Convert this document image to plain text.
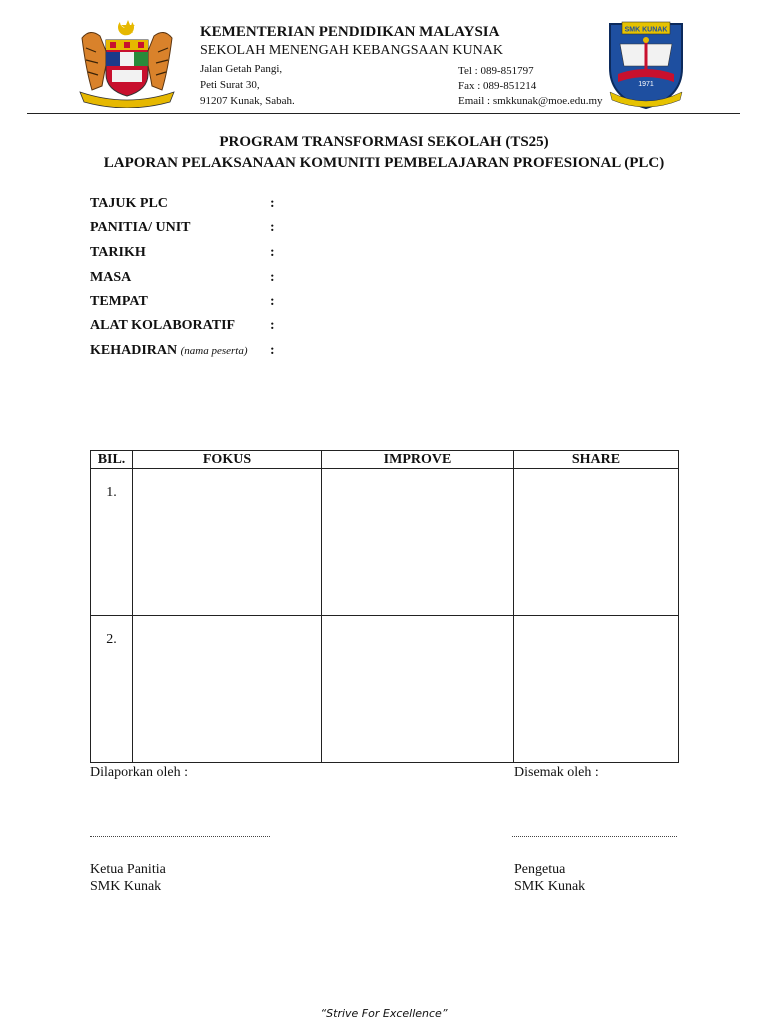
KEMENTERIAN PENDIDIKAN MALAYSIA
SEKOLAH MENENGAH KEBANGSAAN KUNAK
Jalan Getah Pangi,
Peti Surat 30,
91207 Kunak, Sabah.
Tel : 089-851797
Fax : 089-851214
Email : smkkunak@moe.edu.my
SMK KUNAK
1971
PROGRAM TRANSFORMASI SEKOLAH (TS25)
LAPORAN PELAKSANAAN KOMUNITI PEMBELAJARAN PROFESIONAL (PLC)
TAJUK PLC	:
PANITIA/ UNIT	:
TARIKH	:
MASA	:
TEMPAT	:
ALAT KOLABORATIF :
KEHADIRAN (nama peserta) :
BIL.	FOKUS	IMPROVE	SHARE
1.			
2.			
Dilaporkan oleh :	Disemak oleh :
Ketua Panitia
SMK Kunak
Pengetua
SMK Kunak
“Strive For Excellence”
